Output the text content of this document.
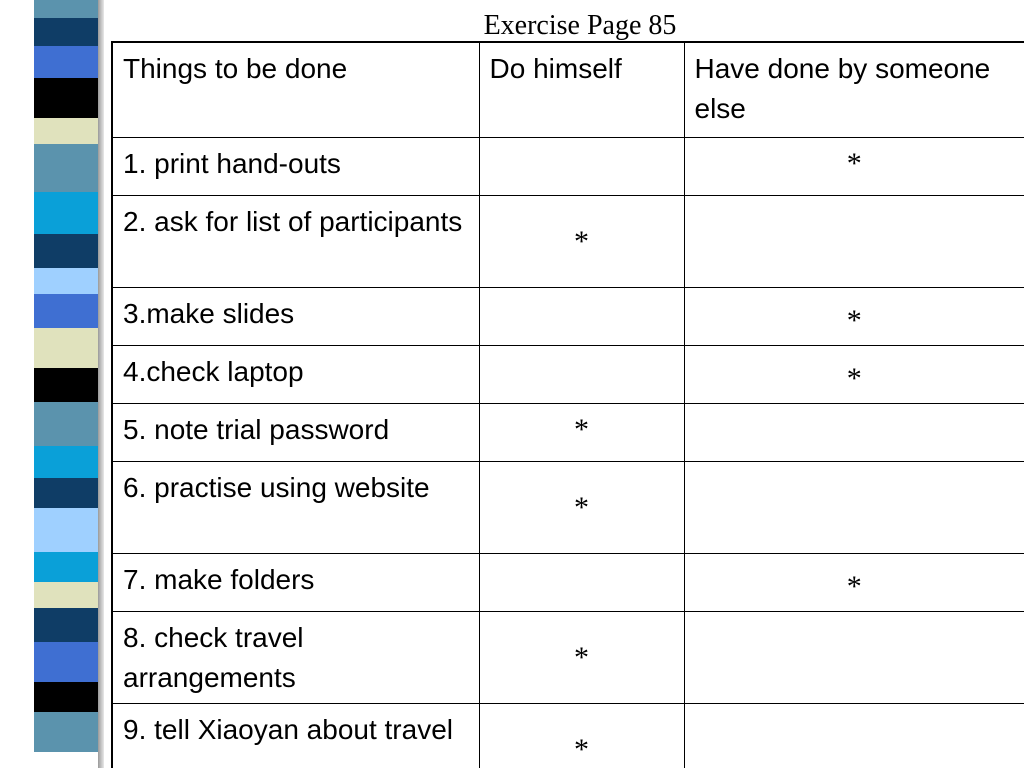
Exercise Page 85
Things to be done	Do himself	Have done by someone else
1. print hand-outs		*

2. ask for list of participants	*	

3.make slides		*

4.check laptop		*

5. note trial password	*	

6. practise using website	*	

7. make folders		*

8. check travel arrangements	*	

9. tell Xiaoyan about travel	*	
